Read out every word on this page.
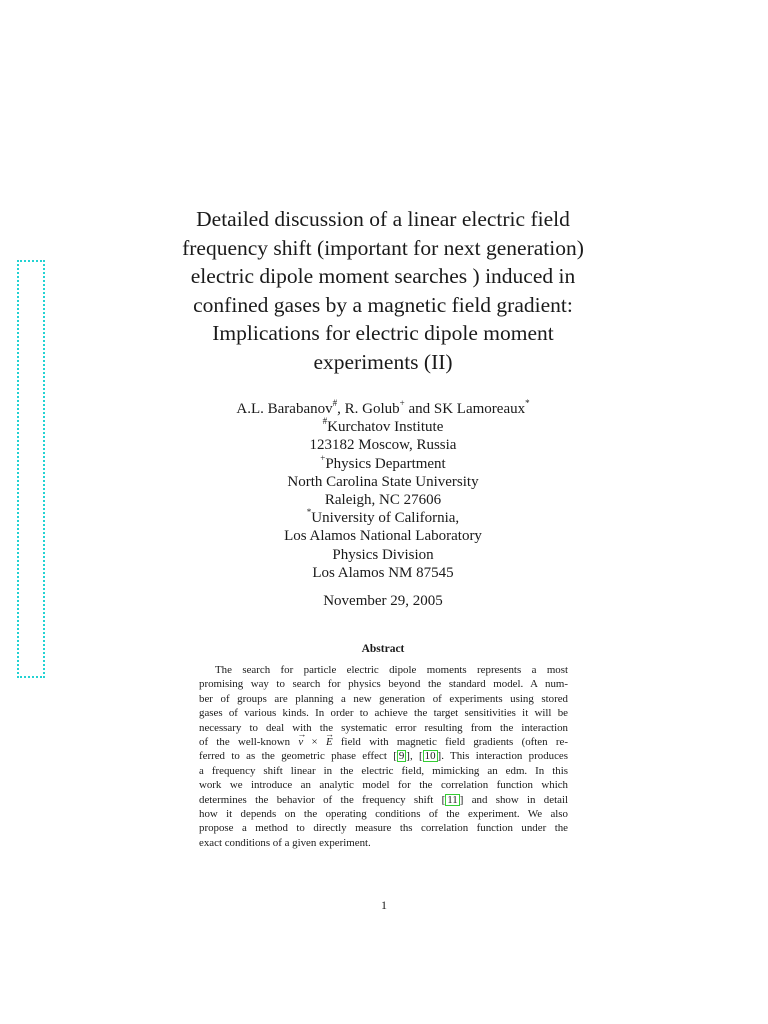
Detailed discussion of a linear electric field
frequency shift (important for next generation)
electric dipole moment searches ) induced in
confined gases by a magnetic field gradient:
Implications for electric dipole moment
experiments (II)
A.L. Barabanov#, R. Golub+ and SK Lamoreaux*
#Kurchatov Institute
123182 Moscow, Russia
+Physics Department
North Carolina State University
Raleigh, NC 27606
*University of California,
Los Alamos National Laboratory
Physics Division
Los Alamos NM 87545
November 29, 2005
Abstract
The search for particle electric dipole moments represents a most
promising way to search for physics beyond the standard model. A num-
ber of groups are planning a new generation of experiments using stored
gases of various kinds. In order to achieve the target sensitivities it will be
necessary to deal with the systematic error resulting from the interaction
of the well-known → v × → E field with magnetic field gradients (often re-
ferred to as the geometric phase effect [ 9 ], [ 10 ]. This interaction produces
a frequency shift linear in the electric field, mimicking an edm. In this
work we introduce an analytic model for the correlation function which
determines the behavior of the frequency shift [ 11 ] and show in detail
how it depends on the operating conditions of the experiment. We also
propose a method to directly measure ths correlation function under the
exact conditions of a given experiment.
1
